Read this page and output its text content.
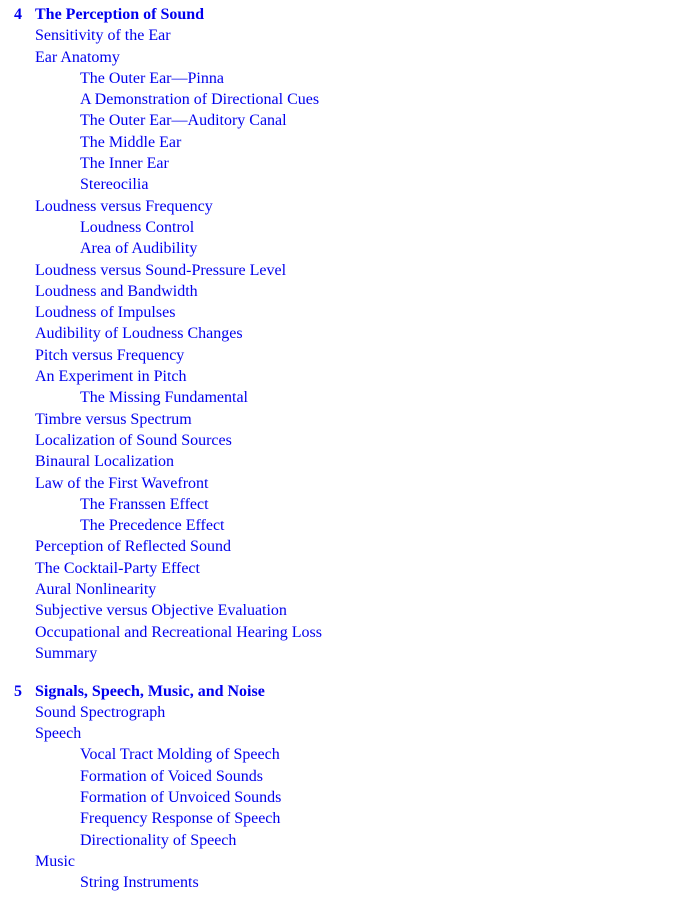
4 The Perception of Sound
Sensitivity of the Ear
Ear Anatomy
The Outer Ear—Pinna
A Demonstration of Directional Cues
The Outer Ear—Auditory Canal
The Middle Ear
The Inner Ear
Stereocilia
Loudness versus Frequency
Loudness Control
Area of Audibility
Loudness versus Sound-Pressure Level
Loudness and Bandwidth
Loudness of Impulses
Audibility of Loudness Changes
Pitch versus Frequency
An Experiment in Pitch
The Missing Fundamental
Timbre versus Spectrum
Localization of Sound Sources
Binaural Localization
Law of the First Wavefront
The Franssen Effect
The Precedence Effect
Perception of Reflected Sound
The Cocktail-Party Effect
Aural Nonlinearity
Subjective versus Objective Evaluation
Occupational and Recreational Hearing Loss
Summary
5 Signals, Speech, Music, and Noise
Sound Spectrograph
Speech
Vocal Tract Molding of Speech
Formation of Voiced Sounds
Formation of Unvoiced Sounds
Frequency Response of Speech
Directionality of Speech
Music
String Instruments
